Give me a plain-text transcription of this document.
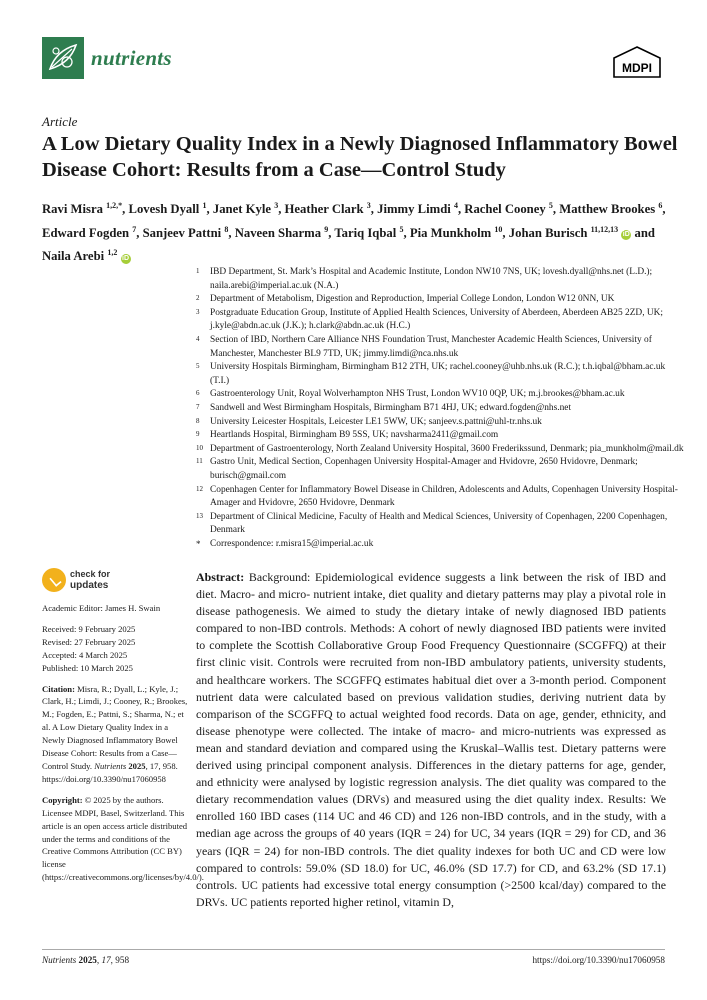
nutrients	MDPI
Article
A Low Dietary Quality Index in a Newly Diagnosed Inflammatory Bowel Disease Cohort: Results from a Case—Control Study
Ravi Misra $^{1,2,*}$, Lovesh Dyall $^1$, Janet Kyle $^3$, Heather Clark $^3$, Jimmy Limdi $^4$, Rachel Cooney $^5$, Matthew Brookes $^6$, Edward Fogden $^7$, Sanjeev Pattni $^8$, Naveen Sharma $^9$, Tariq Iqbal $^5$, Pia Munkholm $^{10}$, Johan Burisch $^{11,12,13}$ iD and Naila Arebi $^{1,2}$ iD
1 IBD Department, St. Mark’s Hospital and Academic Institute, London NW10 7NS, UK; lovesh.dyall@nhs.net (L.D.); naila.arebi@imperial.ac.uk (N.A.)
2 Department of Metabolism, Digestion and Reproduction, Imperial College London, London W12 0NN, UK
3 Postgraduate Education Group, Institute of Applied Health Sciences, University of Aberdeen, Aberdeen AB25 2ZD, UK; j.kyle@abdn.ac.uk (J.K.); h.clark@abdn.ac.uk (H.C.)
4 Section of IBD, Northern Care Alliance NHS Foundation Trust, Manchester Academic Health Sciences, University of Manchester, Manchester BL9 7TD, UK; jimmy.limdi@nca.nhs.uk
5 University Hospitals Birmingham, Birmingham B12 2TH, UK; rachel.cooney@uhb.nhs.uk (R.C.); t.h.iqbal@bham.ac.uk (T.I.)
6 Gastroenterology Unit, Royal Wolverhampton NHS Trust, London WV10 0QP, UK; m.j.brookes@bham.ac.uk
7 Sandwell and West Birmingham Hospitals, Birmingham B71 4HJ, UK; edward.fogden@nhs.net
8 University Leicester Hospitals, Leicester LE1 5WW, UK; sanjeev.s.pattni@uhl-tr.nhs.uk
9 Heartlands Hospital, Birmingham B9 5SS, UK; navsharma2411@gmail.com
10 Department of Gastroenterology, North Zealand University Hospital, 3600 Frederikssund, Denmark; pia_munkholm@mail.dk
11 Gastro Unit, Medical Section, Copenhagen University Hospital-Amager and Hvidovre, 2650 Hvidovre, Denmark; burisch@gmail.com
12 Copenhagen Center for Inflammatory Bowel Disease in Children, Adolescents and Adults, Copenhagen University Hospital-Amager and Hvidovre, 2650 Hvidovre, Denmark
13 Department of Clinical Medicine, Faculty of Health and Medical Sciences, University of Copenhagen, 2200 Copenhagen, Denmark
* Correspondence: r.misra15@imperial.ac.uk
check for
updates

Academic Editor: James H. Swain

Received: 9 February 2025

Revised: 27 February 2025

Accepted: 4 March 2025

Published: 10 March 2025

Citation: Misra, R.; Dyall, L.; Kyle, J.; Clark, H.; Limdi, J.; Cooney, R.; Brookes, M.; Fogden, E.; Pattni, S.; Sharma, N.; et al. A Low Dietary Quality Index in a Newly Diagnosed Inflammatory Bowel Disease Cohort: Results from a Case—Control Study. Nutrients 2025, 17, 958. https://doi.org/10.3390/nu17060958

Copyright: © 2025 by the authors. Licensee MDPI, Basel, Switzerland. This article is an open access article distributed under the terms and conditions of the Creative Commons Attribution (CC BY) license (https://creativecommons.org/licenses/by/4.0/).

Abstract: Background: Epidemiological evidence suggests a link between the risk of IBD and diet. Macro- and micro- nutrient intake, diet quality and dietary patterns may play a pivotal role in disease pathogenesis. We aimed to study the dietary intake of newly diagnosed IBD patients compared to non-IBD controls. Methods: A cohort of newly diagnosed IBD patients were invited to complete the Scottish Collaborative Group Food Frequency Questionnaire (SCGFFQ) at their first clinic visit. Controls were recruited from non-IBD ambulatory patients, university students, and healthcare workers. The SCGFFQ estimates habitual diet over a 3-month period. Component nutrient data were calculated based on previous validation studies, deriving nutrient data by comparison of the SCGFFQ to actual weighted food records. Data on age, gender, ethnicity, and disease phenotype were collected. The intake of macro- and micro-nutrients was expressed as mean and standard deviation and compared using the Kruskal–Wallis test. Dietary patterns were derived using principal component analysis. Differences in the dietary patterns for age, gender, and ethnicity were analysed by logistic regression analysis. The diet quality was compared to the dietary recommendation values (DRVs) and measured using the diet quality index. Results: We enrolled 160 IBD cases (114 UC and 46 CD) and 126 non-IBD controls, and in the study, with a median age across the groups of 40 years (IQR = 24) for UC, 34 years (IQR = 29) for CD, and 36 years (IQR = 24) for non-IBD controls. The diet quality indexes for both UC and CD were low compared to controls: 59.0% (SD 18.0) for UC, 46.0% (SD 17.7) for CD, and 63.2% (SD 17.1) controls. UC patients had excessive total energy consumption (>2500 kcal/day) compared to the DRVs. UC patients reported higher retinol, vitamin D,
Nutrients 2025, 17, 958	https://doi.org/10.3390/nu17060958
